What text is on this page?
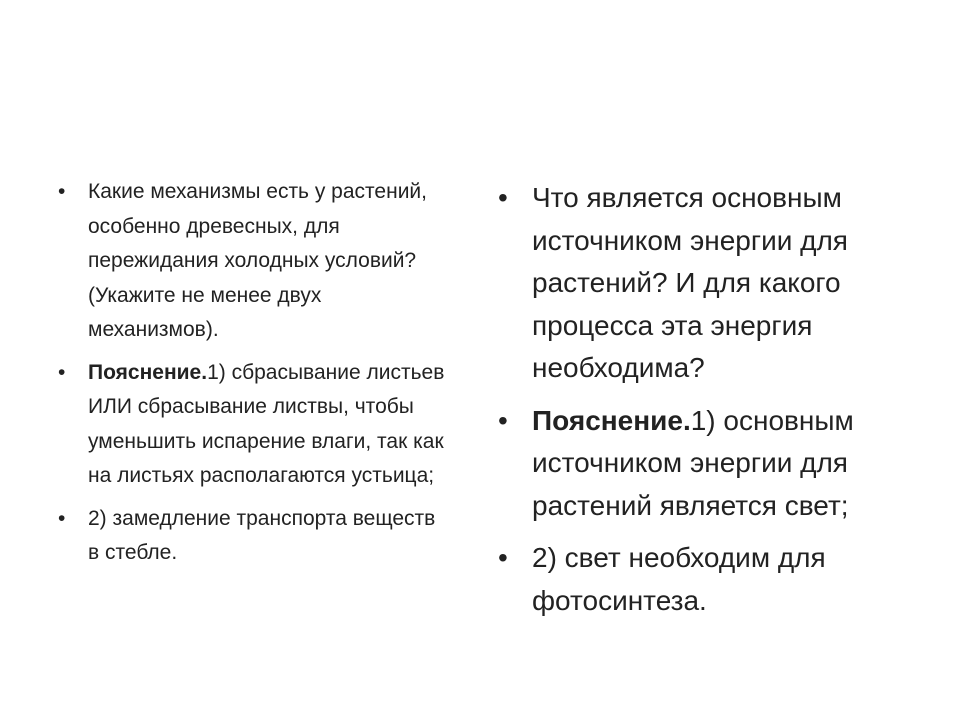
• Какие механизмы есть у растений, особенно древесных, для пережидания холодных условий? (Укажите не менее двух механизмов).
• Пояснение.1) сбрасывание листьев ИЛИ сбрасывание листвы, чтобы уменьшить испарение влаги, так как на листьях располагаются устьица;
• 2) замедление транспорта веществ в стебле.
• Что является основным источником энергии для растений? И для какого процесса эта энергия необходима?
• Пояснение.1) основным источником энергии для растений является свет;
• 2) свет необходим для фотосинтеза.
